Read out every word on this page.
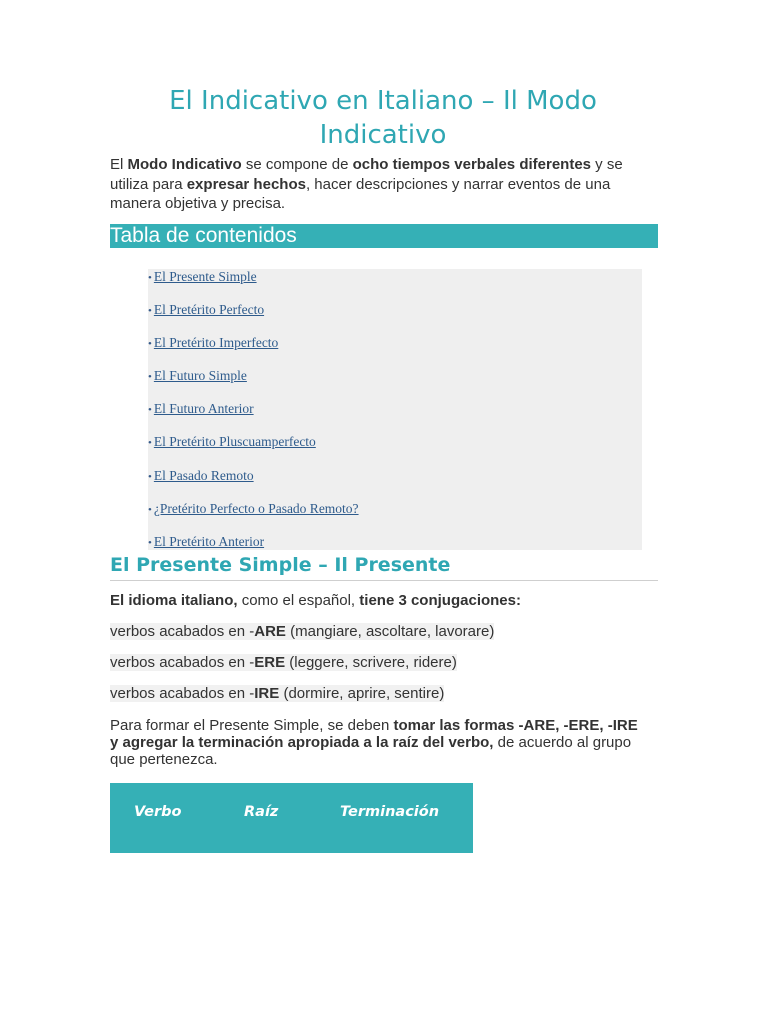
El Indicativo en Italiano – Il Modo Indicativo

El Modo Indicativo se compone de ocho tiempos verbales diferentes y se utiliza para expresar hechos, hacer descripciones y narrar eventos de una manera objetiva y precisa.

Tabla de contenidos
• El Presente Simple
• El Pretérito Perfecto
• El Pretérito Imperfecto
• El Futuro Simple
• El Futuro Anterior
• El Pretérito Pluscuamperfecto
• El Pasado Remoto
• ¿Pretérito Perfecto o Pasado Remoto?
• El Pretérito Anterior
El Presente Simple – Il Presente

El idioma italiano, como el español, tiene 3 conjugaciones:

verbos acabados en -ARE (mangiare, ascoltare, lavorare)

verbos acabados en -ERE (leggere, scrivere, ridere)

verbos acabados en -IRE (dormire, aprire, sentire)

Para formar el Presente Simple, se deben tomar las formas -ARE, -ERE, -IRE y agregar la terminación apropiada a la raíz del verbo, de acuerdo al grupo que pertenezca.

Verbo	Raíz	Terminación
